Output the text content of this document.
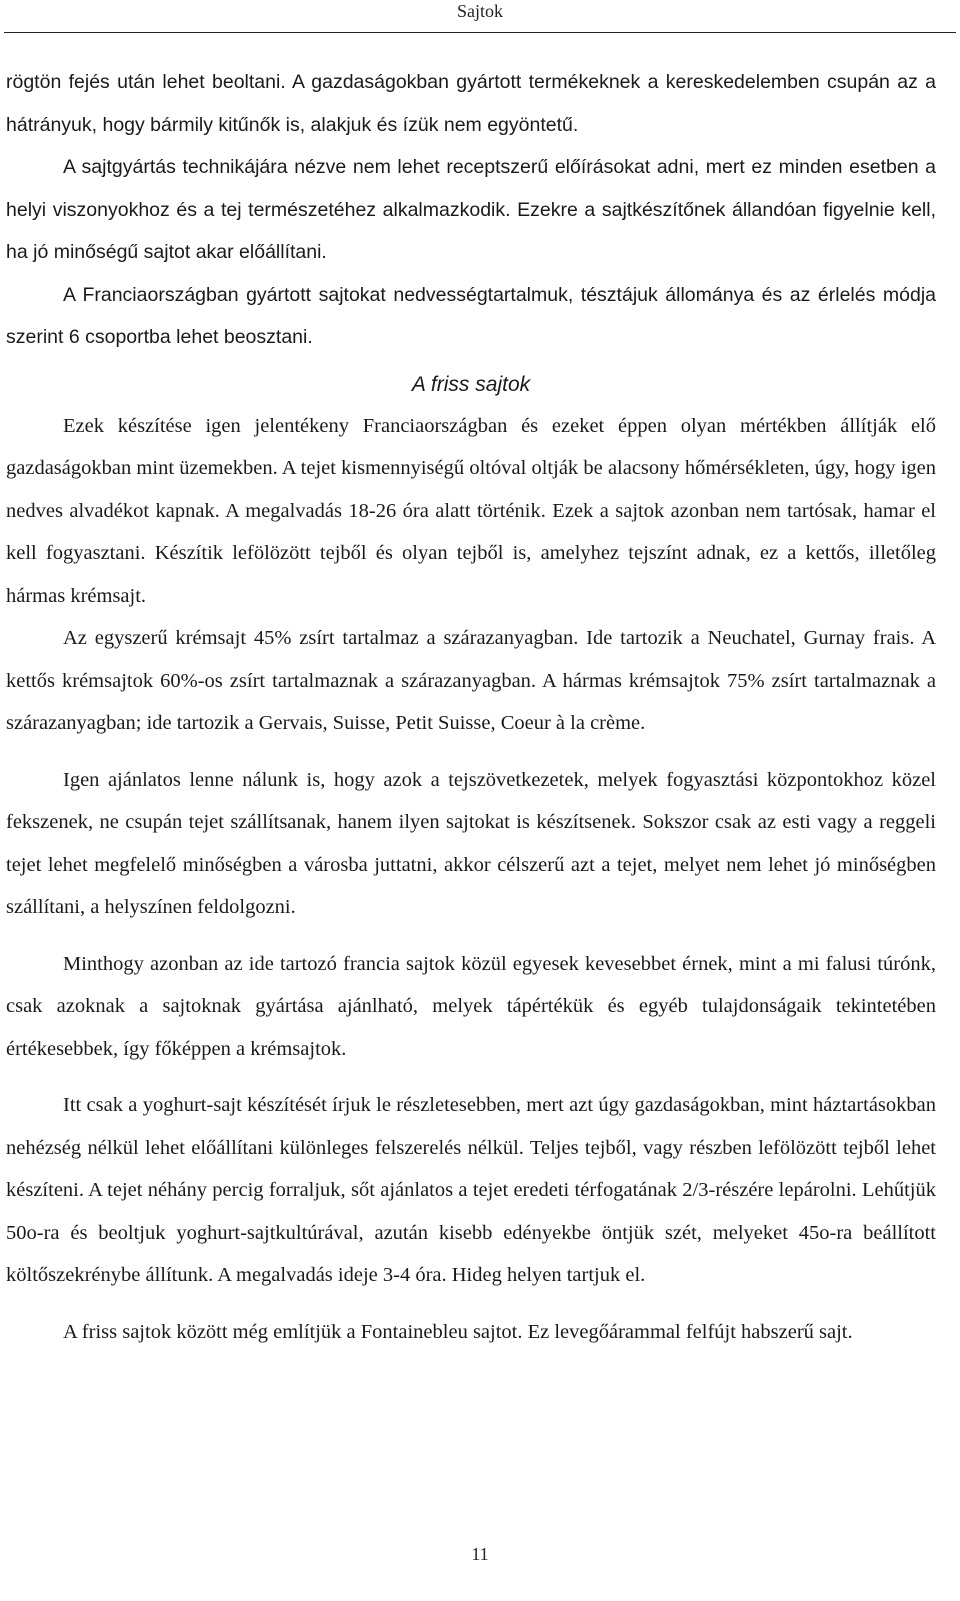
Sajtok

rögtön fejés után lehet beoltani. A gazdaságokban gyártott termékeknek a kereskedelemben csupán az a hátrányuk, hogy bármily kitűnők is, alakjuk és ízük nem egyöntetű.

A sajtgyártás technikájára nézve nem lehet receptszerű előírásokat adni, mert ez minden esetben a helyi viszonyokhoz és a tej természetéhez alkalmazkodik. Ezekre a sajtkészítőnek állandóan figyelnie kell, ha jó minőségű sajtot akar előállítani.

A Franciaországban gyártott sajtokat nedvességtartalmuk, tésztájuk állománya és az érlelés módja szerint 6 csoportba lehet beosztani.

A friss sajtok

Ezek készítése igen jelentékeny Franciaországban és ezeket éppen olyan mértékben állítják elő gazdaságokban mint üzemekben. A tejet kismennyiségű oltóval oltják be alacsony hőmérsékleten, úgy, hogy igen nedves alvadékot kapnak. A megalvadás 18-26 óra alatt történik. Ezek a sajtok azonban nem tartósak, hamar el kell fogyasztani. Készítik lefölözött tejből és olyan tejből is, amelyhez tejszínt adnak, ez a kettős, illetőleg hármas krémsajt.

Az egyszerű krémsajt 45% zsírt tartalmaz a szárazanyagban. Ide tartozik a Neuchatel, Gurnay frais. A kettős krémsajtok 60%-os zsírt tartalmaznak a szárazanyagban. A hármas krémsajtok 75% zsírt tartalmaznak a szárazanyagban; ide tartozik a Gervais, Suisse, Petit Suisse, Coeur à la crème.

Igen ajánlatos lenne nálunk is, hogy azok a tejszövetkezetek, melyek fogyasztási központokhoz közel fekszenek, ne csupán tejet szállítsanak, hanem ilyen sajtokat is készítsenek. Sokszor csak az esti vagy a reggeli tejet lehet megfelelő minőségben a városba juttatni, akkor célszerű azt a tejet, melyet nem lehet jó minőségben szállítani, a helyszínen feldolgozni.

Minthogy azonban az ide tartozó francia sajtok közül egyesek kevesebbet érnek, mint a mi falusi túrónk, csak azoknak a sajtoknak gyártása ajánlható, melyek tápértékük és egyéb tulajdonságaik tekintetében értékesebbek, így főképpen a krémsajtok.

Itt csak a yoghurt-sajt készítését írjuk le részletesebben, mert azt úgy gazdaságokban, mint háztartásokban nehézség nélkül lehet előállítani különleges felszerelés nélkül. Teljes tejből, vagy részben lefölözött tejből lehet készíteni. A tejet néhány percig forraljuk, sőt ajánlatos a tejet eredeti térfogatának 2/3-részére lepárolni. Lehűtjük 50o-ra és beoltjuk yoghurt-sajtkultúrával, azután kisebb edényekbe öntjük szét, melyeket 45o-ra beállított költőszekrénybe állítunk. A megalvadás ideje 3-4 óra. Hideg helyen tartjuk el.

A friss sajtok között még említjük a Fontainebleu sajtot. Ez levegőárammal felfújt habszerű sajt.

11
